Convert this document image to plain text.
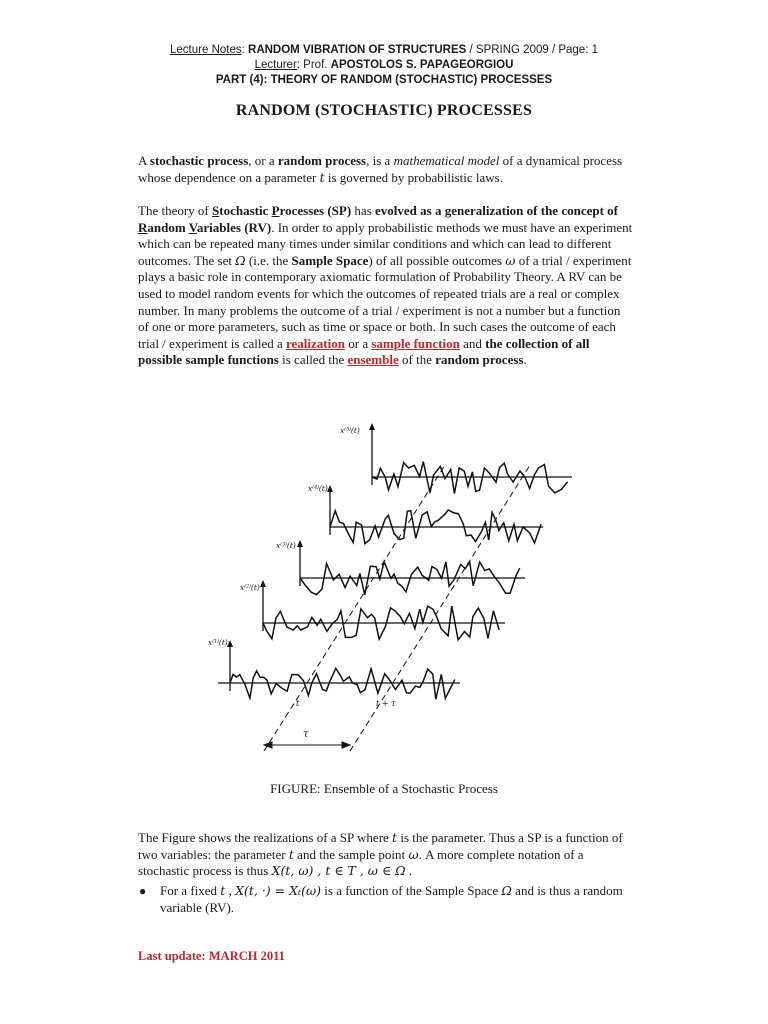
Lecture Notes: RANDOM VIBRATION OF STRUCTURES / SPRING 2009 / Page: 1
Lecturer: Prof. APOSTOLOS S. PAPAGEORGIOU
PART (4): THEORY OF RANDOM (STOCHASTIC) PROCESSES
RANDOM (STOCHASTIC) PROCESSES
A stochastic process, or a random process, is a mathematical model of a dynamical process whose dependence on a parameter t is governed by probabilistic laws.
The theory of Stochastic Processes (SP) has evolved as a generalization of the concept of Random Variables (RV). In order to apply probabilistic methods we must have an experiment which can be repeated many times under similar conditions and which can lead to different outcomes. The set Ω (i.e. the Sample Space) of all possible outcomes ω of a trial / experiment plays a basic role in contemporary axiomatic formulation of Probability Theory. A RV can be used to model random events for which the outcomes of repeated trials are a real or complex number. In many problems the outcome of a trial / experiment is not a number but a function of one or more parameters, such as time or space or both. In such cases the outcome of each trial / experiment is called a realization or a sample function and the collection of all possible sample functions is called the ensemble of the random process.
τ
t	t + τ
x⁽⁵⁾(t)
x⁽⁴⁾(t)
x⁽³⁾(t)
x⁽²⁾(t)
x⁽¹⁾(t)
FIGURE: Ensemble of a Stochastic Process
The Figure shows the realizations of a SP where t is the parameter. Thus a SP is a function of two variables: the parameter t and the sample point ω. A more complete notation of a stochastic process is thus X(t, ω) , t ∈ T , ω ∈ Ω .
● For a fixed t , X(t, ·) = Xₜ(ω) is a function of the Sample Space Ω and is thus a random variable (RV).
Last update: MARCH 2011
